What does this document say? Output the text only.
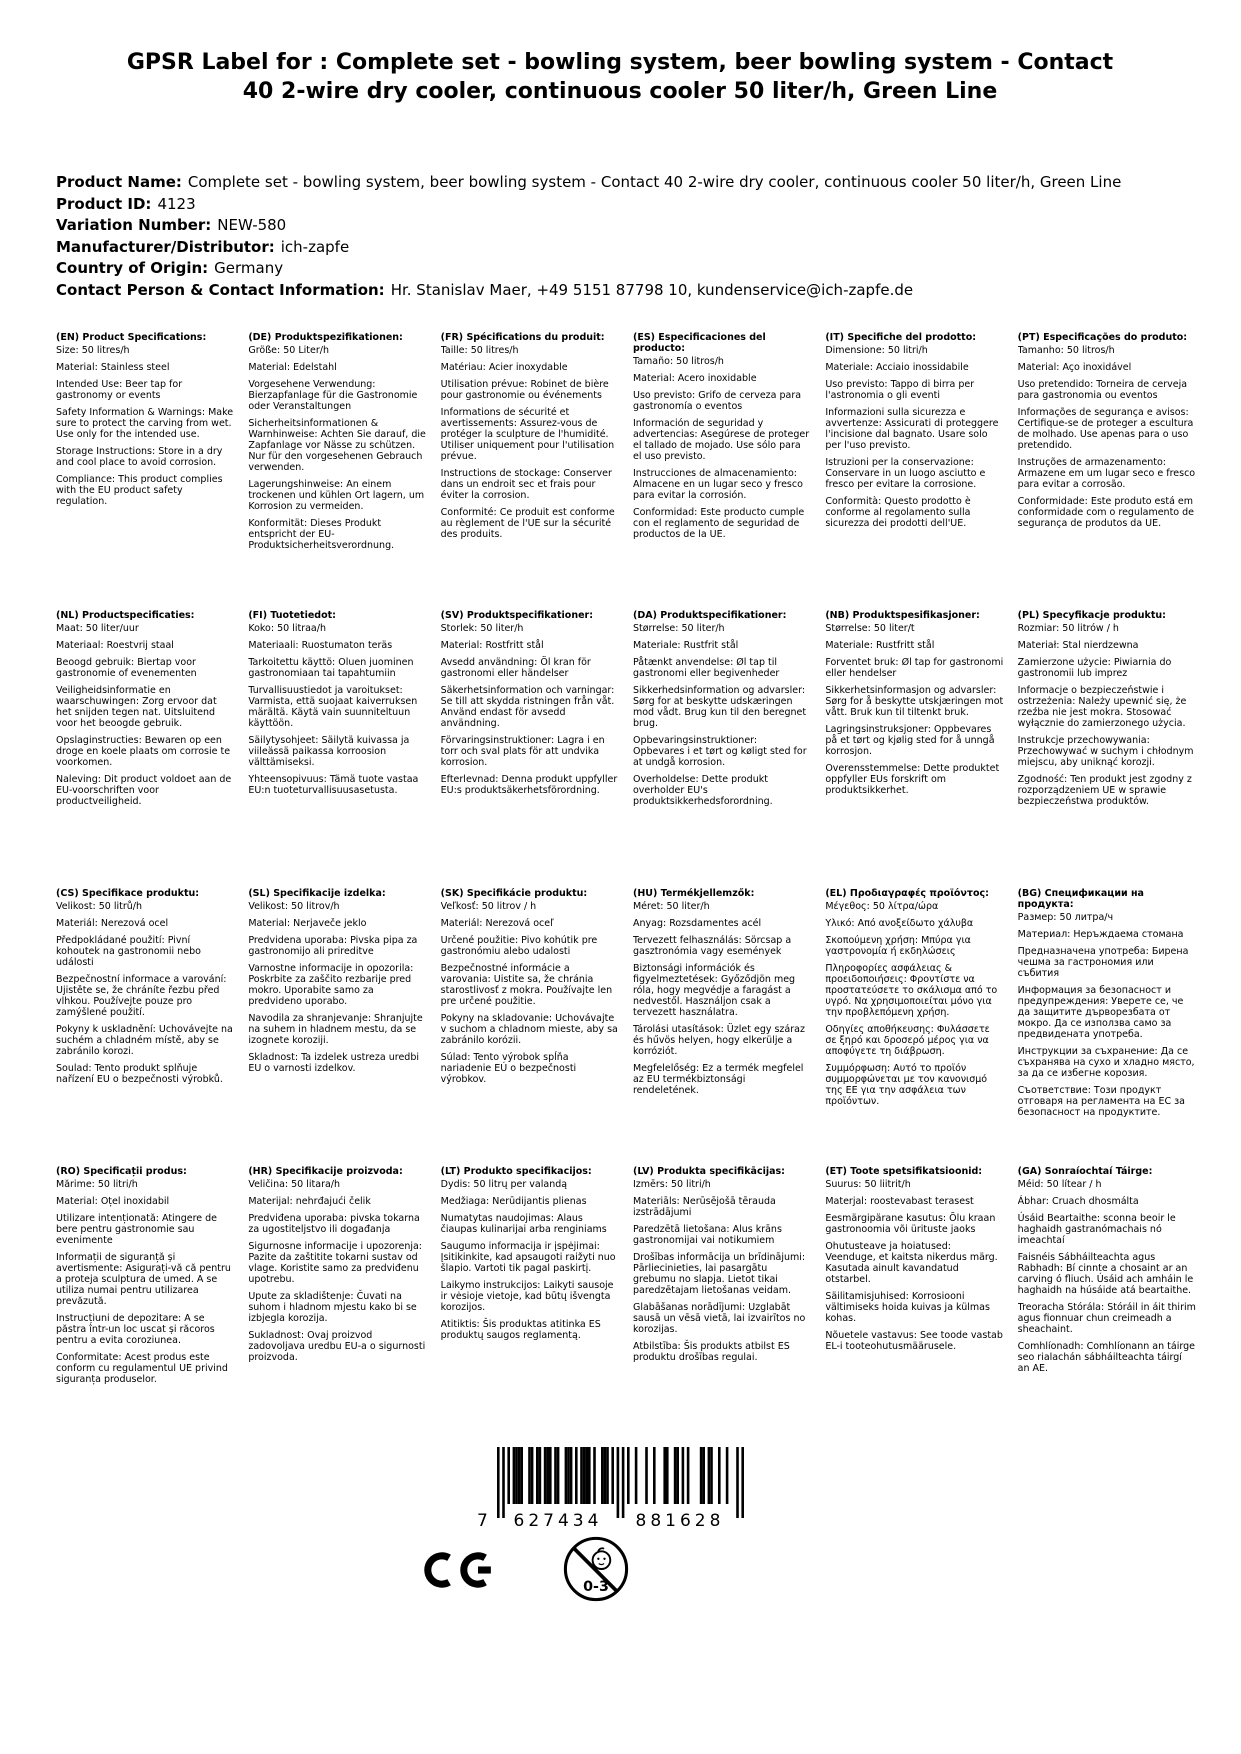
GPSR Label for : Complete set - bowling system, beer bowling system - Contact 40 2-wire dry cooler, continuous cooler 50 liter/h, Green Line
Product Name: Complete set - bowling system, beer bowling system - Contact 40 2-wire dry cooler, continuous cooler 50 liter/h, Green Line
Product ID: 4123
Variation Number: NEW-580
Manufacturer/Distributor: ich-zapfe
Country of Origin: Germany
Contact Person & Contact Information: Hr. Stanislav Maer, +49 5151 87798 10, kundenservice@ich-zapfe.de
(EN) Product Specifications:

Size: 50 litres/h

Material: Stainless steel

Intended Use: Beer tap for gastronomy or events

Safety Information & Warnings: Make sure to protect the carving from wet. Use only for the intended use.

Storage Instructions: Store in a dry and cool place to avoid corrosion.

Compliance: This product complies with the EU product safety regulation.

(DE) Produktspezifikationen:

Größe: 50 Liter/h

Material: Edelstahl

Vorgesehene Verwendung: Bierzapfanlage für die Gastronomie oder Veranstaltungen

Sicherheitsinformationen & Warnhinweise: Achten Sie darauf, die Zapfanlage vor Nässe zu schützen. Nur für den vorgesehenen Gebrauch verwenden.

Lagerungshinweise: An einem trockenen und kühlen Ort lagern, um Korrosion zu vermeiden.

Konformität: Dieses Produkt entspricht der EU-Produktsicherheitsverordnung.

(FR) Spécifications du produit:

Taille: 50 litres/h

Matériau: Acier inoxydable

Utilisation prévue: Robinet de bière pour gastronomie ou événements

Informations de sécurité et avertissements: Assurez-vous de protéger la sculpture de l'humidité. Utiliser uniquement pour l'utilisation prévue.

Instructions de stockage: Conserver dans un endroit sec et frais pour éviter la corrosion.

Conformité: Ce produit est conforme au règlement de l'UE sur la sécurité des produits.

(ES) Especificaciones del producto:

Tamaño: 50 litros/h

Material: Acero inoxidable

Uso previsto: Grifo de cerveza para gastronomía o eventos

Información de seguridad y advertencias: Asegúrese de proteger el tallado de mojado. Use sólo para el uso previsto.

Instrucciones de almacenamiento: Almacene en un lugar seco y fresco para evitar la corrosión.

Conformidad: Este producto cumple con el reglamento de seguridad de productos de la UE.

(IT) Specifiche del prodotto:

Dimensione: 50 litri/h

Materiale: Acciaio inossidabile

Uso previsto: Tappo di birra per l'astronomia o gli eventi

Informazioni sulla sicurezza e avvertenze: Assicurati di proteggere l'incisione dal bagnato. Usare solo per l'uso previsto.

Istruzioni per la conservazione: Conservare in un luogo asciutto e fresco per evitare la corrosione.

Conformità: Questo prodotto è conforme al regolamento sulla sicurezza dei prodotti dell'UE.

(PT) Especificações do produto:

Tamanho: 50 litros/h

Material: Aço inoxidável

Uso pretendido: Torneira de cerveja para gastronomia ou eventos

Informações de segurança e avisos: Certifique-se de proteger a escultura de molhado. Use apenas para o uso pretendido.

Instruções de armazenamento: Armazene em um lugar seco e fresco para evitar a corrosão.

Conformidade: Este produto está em conformidade com o regulamento de segurança de produtos da UE.

(NL) Productspecificaties:

Maat: 50 liter/uur

Materiaal: Roestvrij staal

Beoogd gebruik: Biertap voor gastronomie of evenementen

Veiligheidsinformatie en waarschuwingen: Zorg ervoor dat het snijden tegen nat. Uitsluitend voor het beoogde gebruik.

Opslaginstructies: Bewaren op een droge en koele plaats om corrosie te voorkomen.

Naleving: Dit product voldoet aan de EU-voorschriften voor productveiligheid.

(FI) Tuotetiedot:

Koko: 50 litraa/h

Materiaali: Ruostumaton teräs

Tarkoitettu käyttö: Oluen juominen gastronomiaan tai tapahtumiin

Turvallisuustiedot ja varoitukset: Varmista, että suojaat kaiverruksen märältä. Käytä vain suunniteltuun käyttöön.

Säilytysohjeet: Säilytä kuivassa ja viileässä paikassa korroosion välttämiseksi.

Yhteensopivuus: Tämä tuote vastaa EU:n tuoteturvallisuusasetusta.

(SV) Produktspecifikationer:

Storlek: 50 liter/h

Material: Rostfritt stål

Avsedd användning: Öl kran för gastronomi eller händelser

Säkerhetsinformation och varningar: Se till att skydda ristningen från våt. Använd endast för avsedd användning.

Förvaringsinstruktioner: Lagra i en torr och sval plats för att undvika korrosion.

Efterlevnad: Denna produkt uppfyller EU:s produktsäkerhetsförordning.

(DA) Produktspecifikationer:

Størrelse: 50 liter/h

Materiale: Rustfrit stål

Påtænkt anvendelse: Øl tap til gastronomi eller begivenheder

Sikkerhedsinformation og advarsler: Sørg for at beskytte udskæringen mod vådt. Brug kun til den beregnet brug.

Opbevaringsinstruktioner: Opbevares i et tørt og køligt sted for at undgå korrosion.

Overholdelse: Dette produkt overholder EU's produktsikkerhedsforordning.

(NB) Produktspesifikasjoner:

Størrelse: 50 liter/t

Materiale: Rustfritt stål

Forventet bruk: Øl tap for gastronomi eller hendelser

Sikkerhetsinformasjon og advarsler: Sørg for å beskytte utskjæringen mot vått. Bruk kun til tiltenkt bruk.

Lagringsinstruksjoner: Oppbevares på et tørt og kjølig sted for å unngå korrosjon.

Overensstemmelse: Dette produktet oppfyller EUs forskrift om produktsikkerhet.

(PL) Specyfikacje produktu:

Rozmiar: 50 litrów / h

Materiał: Stal nierdzewna

Zamierzone użycie: Piwiarnia do gastronomii lub imprez

Informacje o bezpieczeństwie i ostrzeżenia: Należy upewnić się, że rzeźba nie jest mokra. Stosować wyłącznie do zamierzonego użycia.

Instrukcje przechowywania: Przechowywać w suchym i chłodnym miejscu, aby uniknąć korozji.

Zgodność: Ten produkt jest zgodny z rozporządzeniem UE w sprawie bezpieczeństwa produktów.

(CS) Specifikace produktu:

Velikost: 50 litrů/h

Materiál: Nerezová ocel

Předpokládané použití: Pivní kohoutek na gastronomii nebo události

Bezpečnostní informace a varování: Ujistěte se, že chráníte řezbu před vlhkou. Používejte pouze pro zamýšlené použití.

Pokyny k uskladnění: Uchovávejte na suchém a chladném místě, aby se zabránilo korozi.

Soulad: Tento produkt splňuje nařízení EU o bezpečnosti výrobků.

(SL) Specifikacije izdelka:

Velikost: 50 litrov/h

Material: Nerjaveče jeklo

Predvidena uporaba: Pivska pipa za gastronomijo ali prireditve

Varnostne informacije in opozorila: Poskrbite za zaščito rezbarije pred mokro. Uporabite samo za predvideno uporabo.

Navodila za shranjevanje: Shranjujte na suhem in hladnem mestu, da se izognete koroziji.

Skladnost: Ta izdelek ustreza uredbi EU o varnosti izdelkov.

(SK) Špecifikácie produktu:

Veľkosť: 50 litrov / h

Materiál: Nerezová oceľ

Určené použitie: Pivo kohútik pre gastronómiu alebo udalosti

Bezpečnostné informácie a varovania: Uistite sa, že chránia starostlivosť z mokra. Používajte len pre určené použitie.

Pokyny na skladovanie: Uchovávajte v suchom a chladnom mieste, aby sa zabránilo korózii.

Súlad: Tento výrobok spĺňa nariadenie EÚ o bezpečnosti výrobkov.

(HU) Termékjellemzők:

Méret: 50 liter/h

Anyag: Rozsdamentes acél

Tervezett felhasználás: Sörcsap a gasztronómia vagy események

Biztonsági információk és figyelmeztetések: Győződjön meg róla, hogy megvédje a faragást a nedvestől. Használjon csak a tervezett használatra.

Tárolási utasítások: Üzlet egy száraz és hűvös helyen, hogy elkerülje a korróziót.

Megfelelőség: Ez a termék megfelel az EU termékbiztonsági rendeletének.

(EL) Προδιαγραφές προϊόντος:

Μέγεθος: 50 λίτρα/ώρα

Υλικό: Από ανοξείδωτο χάλυβα

Σκοπούμενη χρήση: Μπύρα για γαστρονομία ή εκδηλώσεις

Πληροφορίες ασφάλειας & προειδοποιήσεις: Φροντίστε να προστατεύσετε το σκάλισμα από το υγρό. Να χρησιμοποιείται μόνο για την προβλεπόμενη χρήση.

Οδηγίες αποθήκευσης: Φυλάσσετε σε ξηρό και δροσερό μέρος για να αποφύγετε τη διάβρωση.

Συμμόρφωση: Αυτό το προϊόν συμμορφώνεται με τον κανονισμό της ΕΕ για την ασφάλεια των προϊόντων.

(BG) Спецификации на продукта:

Размер: 50 литра/ч

Материал: Неръждаема стомана

Предназначена употреба: Бирена чешма за гастрономия или събития

Информация за безопасност и предупреждения: Уверете се, че да защитите дърворезбата от мокро. Да се използва само за предвидената употреба.

Инструкции за съхранение: Да се съхранява на сухо и хладно място, за да се избегне корозия.

Съответствие: Този продукт отговаря на регламента на ЕС за безопасност на продуктите.

(RO) Specificații produs:

Mărime: 50 litri/h

Material: Oțel inoxidabil

Utilizare intenționată: Atingere de bere pentru gastronomie sau evenimente

Informații de siguranță și avertismente: Asigurați-vă că pentru a proteja sculptura de umed. A se utiliza numai pentru utilizarea prevăzută.

Instrucțiuni de depozitare: A se păstra într-un loc uscat și răcoros pentru a evita coroziunea.

Conformitate: Acest produs este conform cu regulamentul UE privind siguranța produselor.

(HR) Specifikacije proizvoda:

Veličina: 50 litara/h

Materijal: nehrđajući čelik

Predviđena uporaba: pivska tokarna za ugostiteljstvo ili događanja

Sigurnosne informacije i upozorenja: Pazite da zaštitite tokarni sustav od vlage. Koristite samo za predviđenu upotrebu.

Upute za skladištenje: Čuvati na suhom i hladnom mjestu kako bi se izbjegla korozija.

Sukladnost: Ovaj proizvod zadovoljava uredbu EU-a o sigurnosti proizvoda.

(LT) Produkto specifikacijos:

Dydis: 50 litrų per valandą

Medžiaga: Nerūdijantis plienas

Numatytas naudojimas: Alaus čiaupas kulinarijai arba renginiams

Saugumo informacija ir įspėjimai: Įsitikinkite, kad apsaugoti raižyti nuo šlapio. Vartoti tik pagal paskirtį.

Laikymo instrukcijos: Laikyti sausoje ir vėsioje vietoje, kad būtų išvengta korozijos.

Atitiktis: Šis produktas atitinka ES produktų saugos reglamentą.

(LV) Produkta specifikācijas:

Izmērs: 50 litri/h

Materiāls: Nerūsējošā tērauda izstrādājumi

Paredzētā lietošana: Alus krāns gastronomijai vai notikumiem

Drošības informācija un brīdinājumi: Pārliecinieties, lai pasargātu grebumu no slapja. Lietot tikai paredzētajam lietošanas veidam.

Glabāšanas norādījumi: Uzglabāt sausā un vēsā vietā, lai izvairītos no korozijas.

Atbilstība: Šis produkts atbilst ES produktu drošības regulai.

(ET) Toote spetsifikatsioonid:

Suurus: 50 liitrit/h

Materjal: roostevabast terasest

Eesmärgipärane kasutus: Õlu kraan gastronoomia või ürituste jaoks

Ohutusteave ja hoiatused: Veenduge, et kaitsta nikerdus märg. Kasutada ainult kavandatud otstarbel.

Säilitamisjuhised: Korrosiooni vältimiseks hoida kuivas ja külmas kohas.

Nõuetele vastavus: See toode vastab EL-i tooteohutusmäärusele.

(GA) Sonraíochtaí Táirge:

Méid: 50 lítear / h

Ábhar: Cruach dhosmálta

Úsáid Beartaithe: sconna beoir le haghaidh gastranómachais nó imeachtaí

Faisnéis Sábháilteachta agus Rabhadh: Bí cinnte a chosaint ar an carving ó fliuch. Úsáid ach amháin le haghaidh na húsáide atá beartaithe.

Treoracha Stórála: Stóráil in áit thirim agus fionnuar chun creimeadh a sheachaint.

Comhlíonadh: Comhlíonann an táirge seo rialachán sábháilteachta táirgí an AE.

7	627434	881628
0-3
